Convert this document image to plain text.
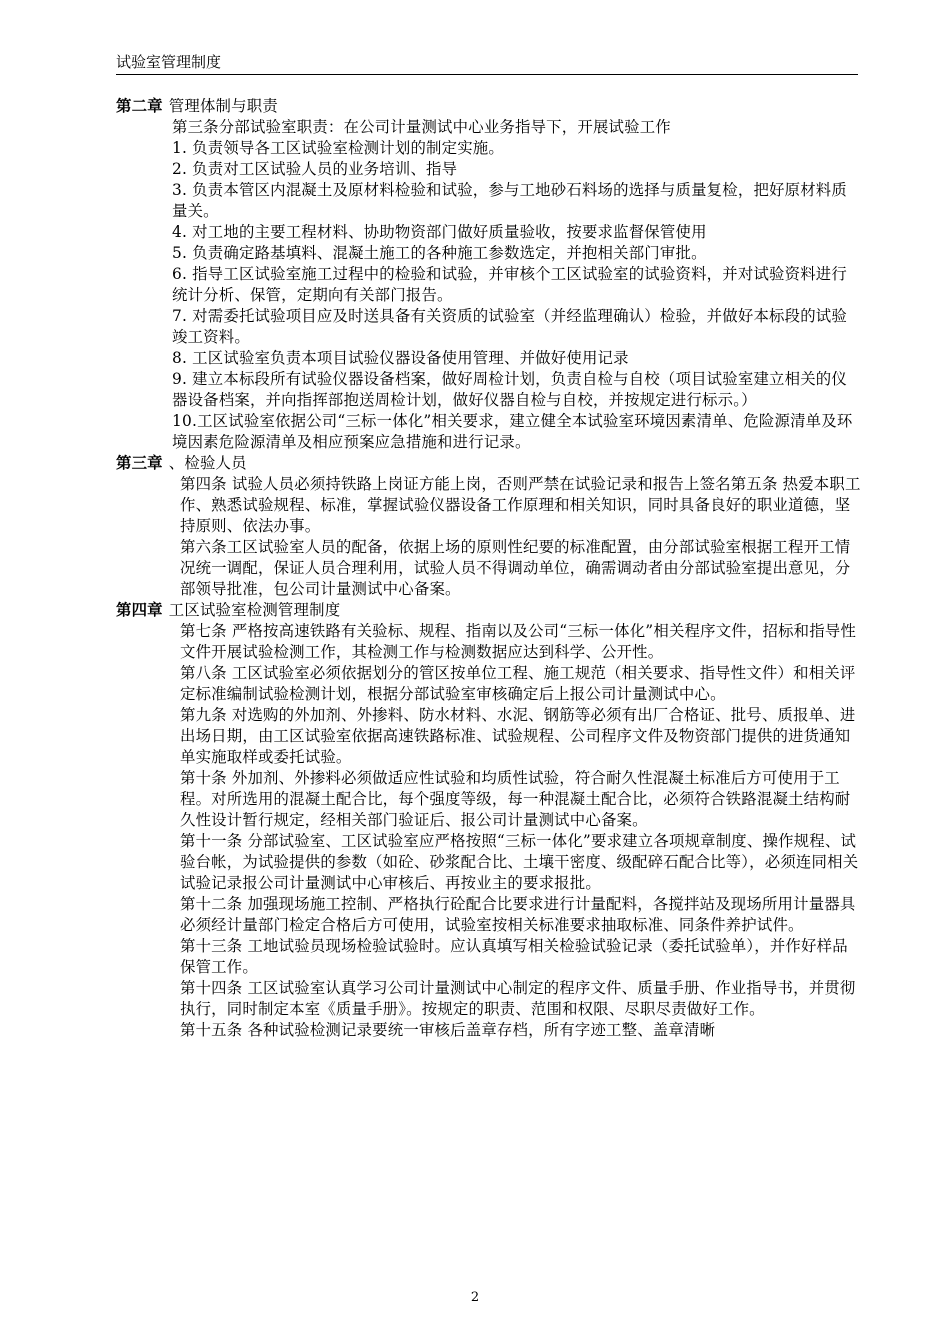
试验室管理制度

第二章 管理体制与职责

第三条分部试验室职责：在公司计量测试中心业务指导下，开展试验工作

1. 负责领导各工区试验室检测计划的制定实施。

2. 负责对工区试验人员的业务培训、指导

3. 负责本管区内混凝土及原材料检验和试验，参与工地砂石料场的选择与质量复检，把好原材料质量关。

4. 对工地的主要工程材料、协助物资部门做好质量验收，按要求监督保管使用

5. 负责确定路基填料、混凝土施工的各种施工参数选定，并抱相关部门审批。

6. 指导工区试验室施工过程中的检验和试验，并审核个工区试验室的试验资料，并对试验资料进行统计分析、保管，定期向有关部门报告。

7. 对需委托试验项目应及时送具备有关资质的试验室（并经监理确认）检验，并做好本标段的试验竣工资料。

8. 工区试验室负责本项目试验仪器设备使用管理、并做好使用记录

9. 建立本标段所有试验仪器设备档案，做好周检计划，负责自检与自校（项目试验室建立相关的仪器设备档案，并向指挥部抱送周检计划，做好仪器自检与自校，并按规定进行标示。）

10.工区试验室依据公司“三标一体化”相关要求，建立健全本试验室环境因素清单、危险源清单及环境因素危险源清单及相应预案应急措施和进行记录。

第三章 、检验人员

第四条 试验人员必须持铁路上岗证方能上岗，否则严禁在试验记录和报告上签名第五条 热爱本职工作、熟悉试验规程、标准，掌握试验仪器设备工作原理和相关知识，同时具备良好的职业道德，坚持原则、依法办事。

第六条工区试验室人员的配备，依据上场的原则性纪要的标准配置，由分部试验室根据工程开工情况统一调配，保证人员合理利用，试验人员不得调动单位，确需调动者由分部试验室提出意见，分部领导批准，包公司计量测试中心备案。

第四章 工区试验室检测管理制度

第七条 严格按高速铁路有关验标、规程、指南以及公司“三标一体化”相关程序文件，招标和指导性文件开展试验检测工作，其检测工作与检测数据应达到科学、公开性。

第八条 工区试验室必须依据划分的管区按单位工程、施工规范（相关要求、指导性文件）和相关评定标准编制试验检测计划，根据分部试验室审核确定后上报公司计量测试中心。

第九条 对选购的外加剂、外掺料、防水材料、水泥、钢筋等必须有出厂合格证、批号、质报单、进出场日期，由工区试验室依据高速铁路标准、试验规程、公司程序文件及物资部门提供的进货通知单实施取样或委托试验。

第十条 外加剂、外掺料必须做适应性试验和均质性试验，符合耐久性混凝土标准后方可使用于工程。对所选用的混凝土配合比，每个强度等级，每一种混凝土配合比，必须符合铁路混凝土结构耐久性设计暂行规定，经相关部门验证后、报公司计量测试中心备案。

第十一条 分部试验室、工区试验室应严格按照“三标一体化”要求建立各项规章制度、操作规程、试验台帐，为试验提供的参数（如砼、砂浆配合比、土壤干密度、级配碎石配合比等），必须连同相关试验记录报公司计量测试中心审核后、再按业主的要求报批。

第十二条 加强现场施工控制、严格执行砼配合比要求进行计量配料，各搅拌站及现场所用计量器具必须经计量部门检定合格后方可使用，试验室按相关标准要求抽取标准、同条件养护试件。

第十三条 工地试验员现场检验试验时。应认真填写相关检验试验记录（委托试验单），并作好样品保管工作。

第十四条 工区试验室认真学习公司计量测试中心制定的程序文件、质量手册、作业指导书，并贯彻执行，同时制定本室《质量手册》。按规定的职责、范围和权限、尽职尽责做好工作。

第十五条 各种试验检测记录要统一审核后盖章存档，所有字迹工整、盖章清晰

2
